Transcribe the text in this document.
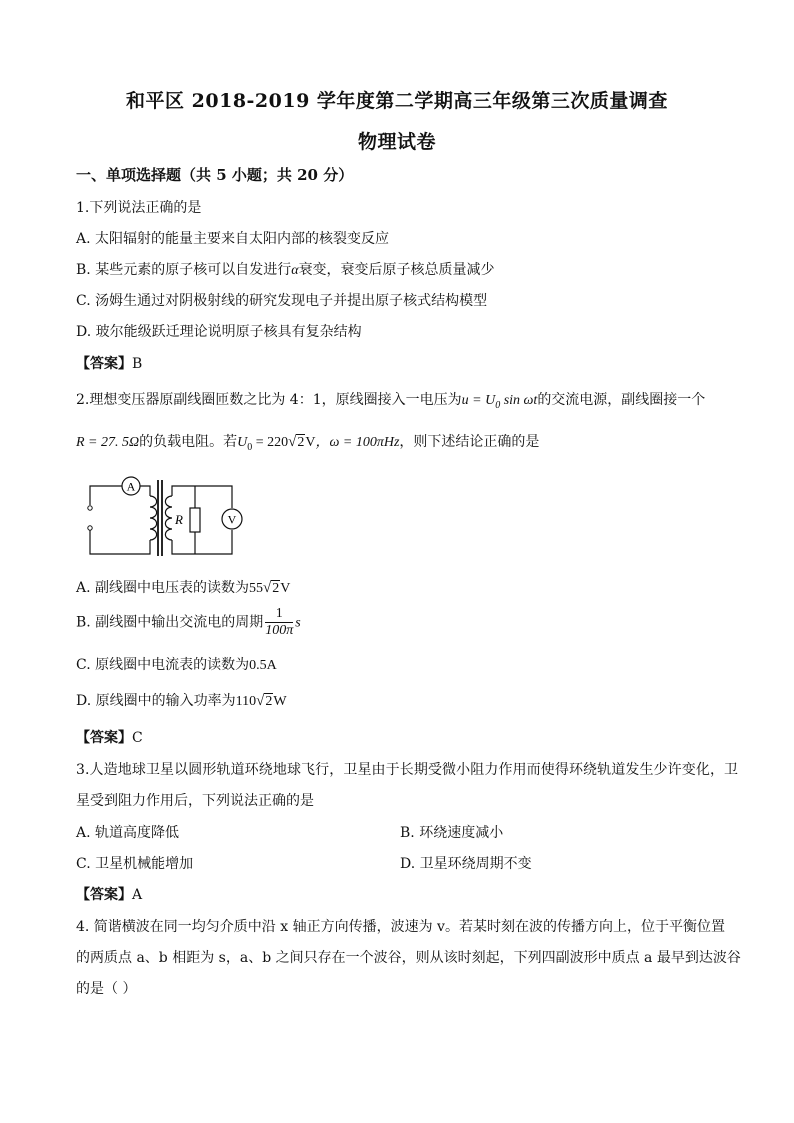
和平区 2018-2019 学年度第二学期高三年级第三次质量调查
物理试卷
一、单项选择题（共 5 小题；共 20 分）
1.下列说法正确的是
A. 太阳辐射的能量主要来自太阳内部的核裂变反应
B. 某些元素的原子核可以自发进行α衰变，衰变后原子核总质量减少
C. 汤姆生通过对阴极射线的研究发现电子并提出原子核式结构模型
D. 玻尔能级跃迁理论说明原子核具有复杂结构
【答案】B
2.理想变压器原副线圈匝数之比为 4：1，原线圈接入一电压为$u = U_0$ sin ωt的交流电源，副线圈接一个
R = 27. 5Ω的负载电阻。若$U_0 = 220√2V$，ω = 100πHz，则下述结论正确的是
A
R	V
A. 副线圈中电压表的读数为55√2V
B. 副线圈中输出交流电的周期 $\frac{1}{100\pi}$ s
C. 原线圈中电流表的读数为0.5A
D. 原线圈中的输入功率为110√2W
【答案】C
3.人造地球卫星以圆形轨道环绕地球飞行，卫星由于长期受微小阻力作用而使得环绕轨道发生少许变化，卫
星受到阻力作用后，下列说法正确的是
A. 轨道高度降低	B. 环绕速度减小
C. 卫星机械能增加	D. 卫星环绕周期不变
【答案】A
4. 简谐横波在同一均匀介质中沿 x 轴正方向传播，波速为 v。若某时刻在波的传播方向上，位于平衡位置
的两质点 a、b 相距为 s，a、b 之间只存在一个波谷，则从该时刻起，下列四副波形中质点 a 最早到达波谷
的是（ ）
